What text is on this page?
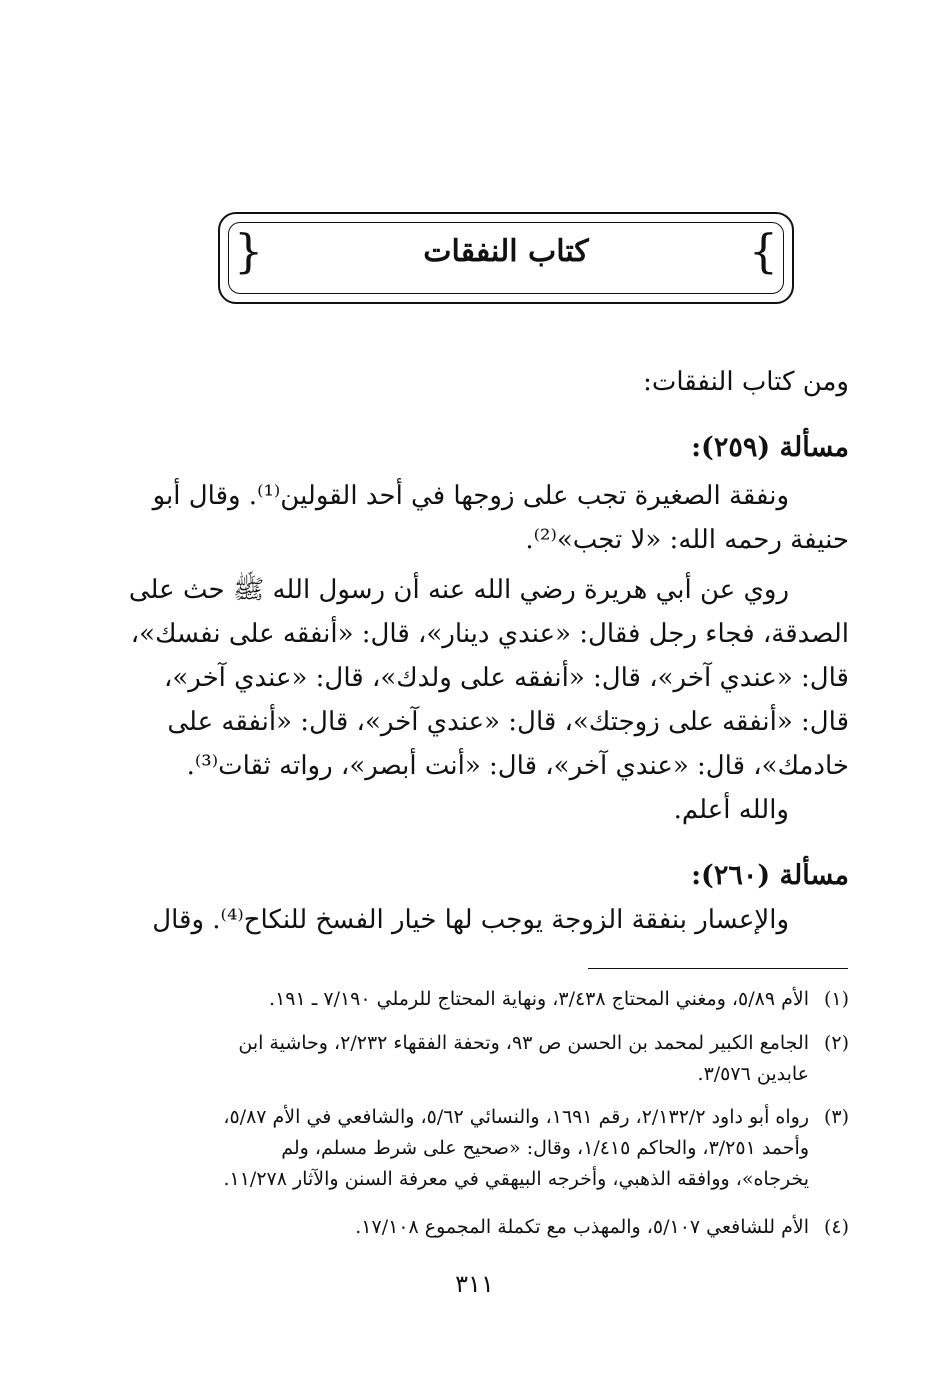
}
{	كتاب النفقات
ومن كتاب النفقات:
مسألة (٢٥٩):
ونفقة الصغيرة تجب على زوجها في أحد القولين⁽¹⁾. وقال أبو
حنيفة رحمه الله: «لا تجب»⁽²⁾.
روي عن أبي هريرة رضي الله عنه أن رسول الله ﷺ حث على
الصدقة، فجاء رجل فقال: «عندي دينار»، قال: «أنفقه على نفسك»،
قال: «عندي آخر»، قال: «أنفقه على ولدك»، قال: «عندي آخر»،
قال: «أنفقه على زوجتك»، قال: «عندي آخر»، قال: «أنفقه على
خادمك»، قال: «عندي آخر»، قال: «أنت أبصر»، رواته ثقات⁽³⁾.
والله أعلم.
مسألة (٢٦٠):
والإعسار بنفقة الزوجة يوجب لها خيار الفسخ للنكاح⁽⁴⁾. وقال
(١)الأم ٥/٨٩، ومغني المحتاج ٣/٤٣٨، ونهاية المحتاج للرملي ٧/١٩٠ ـ ١٩١.
(٢)الجامع الكبير لمحمد بن الحسن ص ٩٣، وتحفة الفقهاء ٢/٢٣٢، وحاشية ابن
عابدين ٣/٥٧٦.
(٣)رواه أبو داود ٢/١٣٢/٢، رقم ١٦٩١، والنسائي ٥/٦٢، والشافعي في الأم ٥/٨٧،
وأحمد ٣/٢٥١، والحاكم ١/٤١٥، وقال: «صحيح على شرط مسلم، ولم
يخرجاه»، ووافقه الذهبي، وأخرجه البيهقي في معرفة السنن والآثار ١١/٢٧٨.
(٤)الأم للشافعي ٥/١٠٧، والمهذب مع تكملة المجموع ١٧/١٠٨.
٣١١
